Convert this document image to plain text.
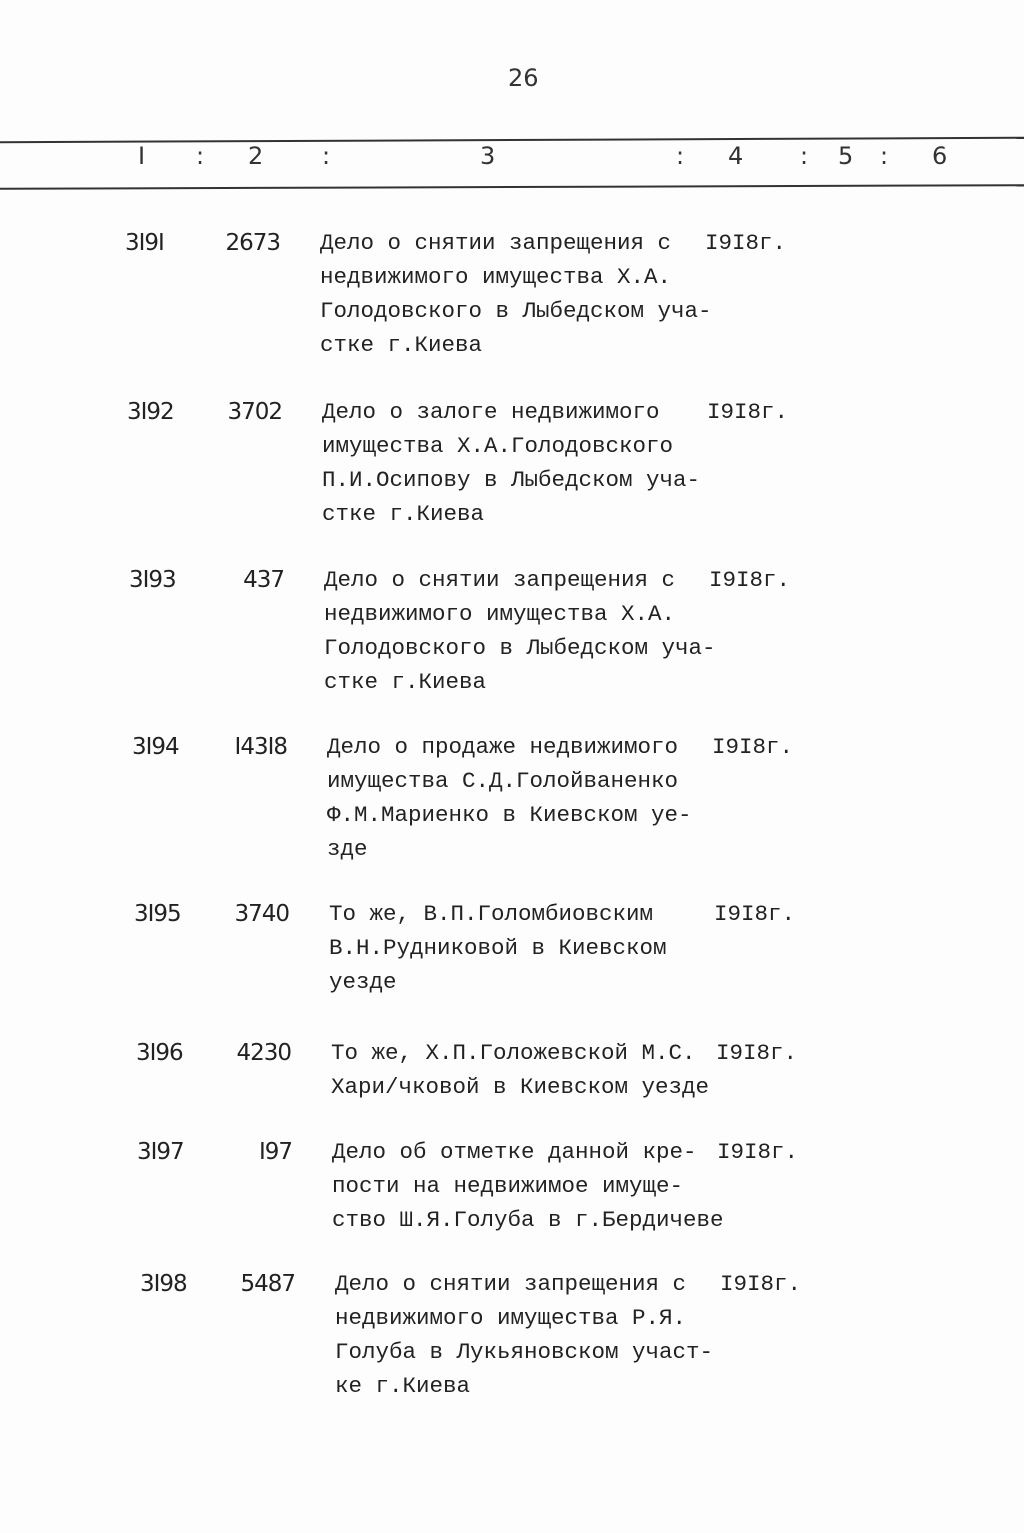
26
I : 2 :	3	: 4 : 5 : 6
3I9I	2673 Дело о снятии запрещения с
недвижимого имущества Х.А.
Голодовского в Лыбедском уча-
стке г.Киева
I9I8г.
3I92	3702 Дело о залоге недвижимого
имущества Х.А.Голодовского
П.И.Осипову в Лыбедском уча-
стке г.Киева
I9I8г.
3I93	437 Дело о снятии запрещения с
недвижимого имущества Х.А.
Голодовского в Лыбедском уча-
стке г.Киева
I9I8г.
3I94	I43I8 Дело о продаже недвижимого
имущества С.Д.Голойваненко
Ф.М.Мариенко в Киевском уе-
зде
I9I8г.
3I95	3740 То же, В.П.Голомбиовским
В.Н.Рудниковой в Киевском
уезде
I9I8г.
3I96	4230 То же, Х.П.Голожевской М.С.
Хари/чковой в Киевском уезде
I9I8г.
3I97	I97 Дело об отметке данной кре-
пости на недвижимое имуще-
ство Ш.Я.Голуба в г.Бердичеве
I9I8г.
3I98	5487 Дело о снятии запрещения с
недвижимого имущества Р.Я.
Голуба в Лукьяновском участ-
ке г.Киева
I9I8г.
